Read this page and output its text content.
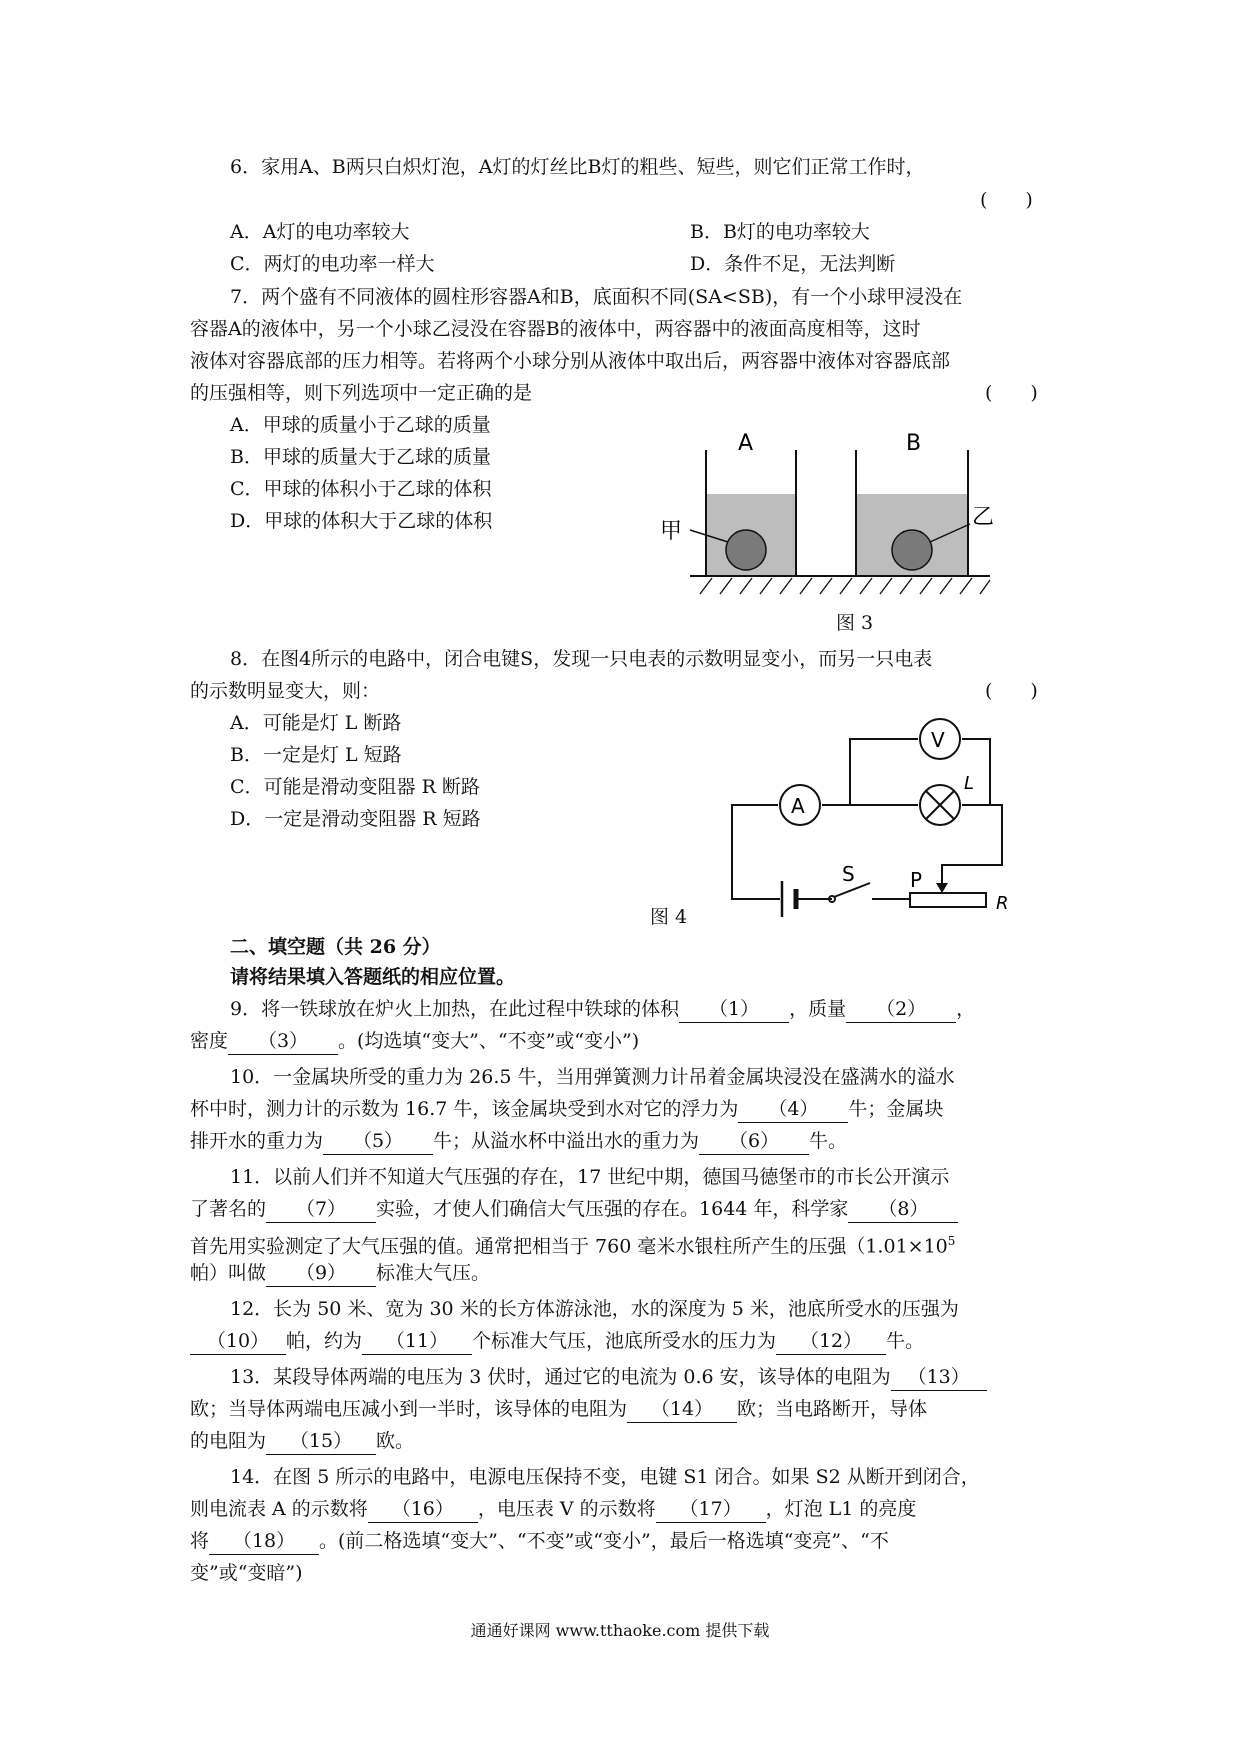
6．家用A、B两只白炽灯泡，A灯的灯丝比B灯的粗些、短些，则它们正常工作时，
(　　)
A．A灯的电功率较大	B．B灯的电功率较大
C．两灯的电功率一样大	D．条件不足，无法判断
7．两个盛有不同液体的圆柱形容器A和B，底面积不同(SA<SB)，有一个小球甲浸没在
容器A的液体中，另一个小球乙浸没在容器B的液体中，两容器中的液面高度相等，这时
液体对容器底部的压力相等。若将两个小球分别从液体中取出后，两容器中液体对容器底部
的压强相等，则下列选项中一定正确的是	(　　)
A．甲球的质量小于乙球的质量
B．甲球的质量大于乙球的质量
C．甲球的体积小于乙球的体积
D．甲球的体积大于乙球的体积
A	B
甲
乙
图 3
8．在图4所示的电路中，闭合电键S，发现一只电表的示数明显变小，而另一只电表
的示数明显变大，则：	(　　)
A．可能是灯 L 断路
B．一定是灯 L 短路
C．可能是滑动变阻器 R 断路
D．一定是滑动变阻器 R 短路
S	P
R
V
A
L
图 4
二、填空题（共 26 分）
请将结果填入答题纸的相应位置。
9．将一铁球放在炉火上加热，在此过程中铁球的体积 （1） ，质量 （2） ，
密度 （3） 。(均选填“变大”、“不变”或“变小”)
10．一金属块所受的重力为 26.5 牛，当用弹簧测力计吊着金属块浸没在盛满水的溢水
杯中时，测力计的示数为 16.7 牛，该金属块受到水对它的浮力为 （4） 牛；金属块
排开水的重力为 （5） 牛；从溢水杯中溢出水的重力为 （6） 牛。
11．以前人们并不知道大气压强的存在，17 世纪中期，德国马德堡市的市长公开演示
了著名的 （7） 实验，才使人们确信大气压强的存在。1644 年，科学家 （8）
首先用实验测定了大气压强的值。通常把相当于 760 毫米水银柱所产生的压强（$1.01\times 10^5$
帕）叫做 （9） 标准大气压。
12．长为 50 米、宽为 30 米的长方体游泳池，水的深度为 5 米，池底所受水的压强为
（10） 帕，约为 （11） 个标准大气压，池底所受水的压力为 （12） 牛。
13．某段导体两端的电压为 3 伏时，通过它的电流为 0.6 安，该导体的电阻为 （13）
欧；当导体两端电压减小到一半时，该导体的电阻为 （14） 欧；当电路断开，导体
的电阻为 （15） 欧。
14．在图 5 所示的电路中，电源电压保持不变，电键 S1 闭合。如果 S2 从断开到闭合，
则电流表 A 的示数将 （16） ，电压表 V 的示数将 （17） ，灯泡 L1 的亮度
将 （18） 。(前二格选填“变大”、“不变”或“变小”，最后一格选填“变亮”、“不
变”或“变暗”)
通通好课网 www.tthaoke.com 提供下载
